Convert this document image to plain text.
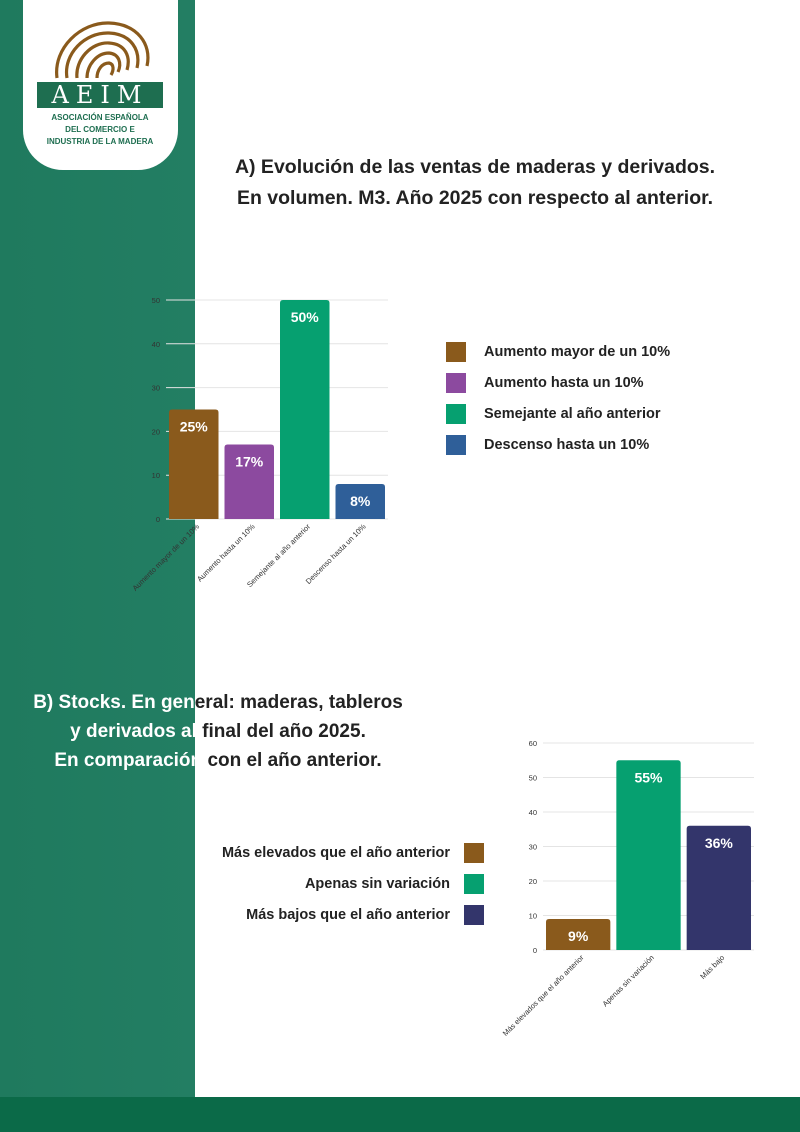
AEIM
ASOCIACIÓN ESPAÑOLA
DEL COMERCIO E
INDUSTRIA DE LA MADERA
A) Evolución de las ventas de maderas y derivados.
En volumen. M3. Año 2025 con respecto al anterior.
0
10
20
30
40
50
25%
Aumento mayor de un 10%
17%
Aumento hasta un 10%
50%
Semejante al año anterior
8%
Descenso hasta un 10%
Aumento mayor de un 10%
Aumento hasta un 10%
Semejante al año anterior
Descenso hasta un 10%
B) Stocks. En general: maderas, tableros
y derivados al final del año 2025.
En comparación con el año anterior.
Más elevados que el año anterior
Apenas sin variación
Más bajos que el año anterior
0
10
20
30
40
50
60
9%
Más elevados que el año anterior
55%
Apenas sin variación
36%
Más bajo
